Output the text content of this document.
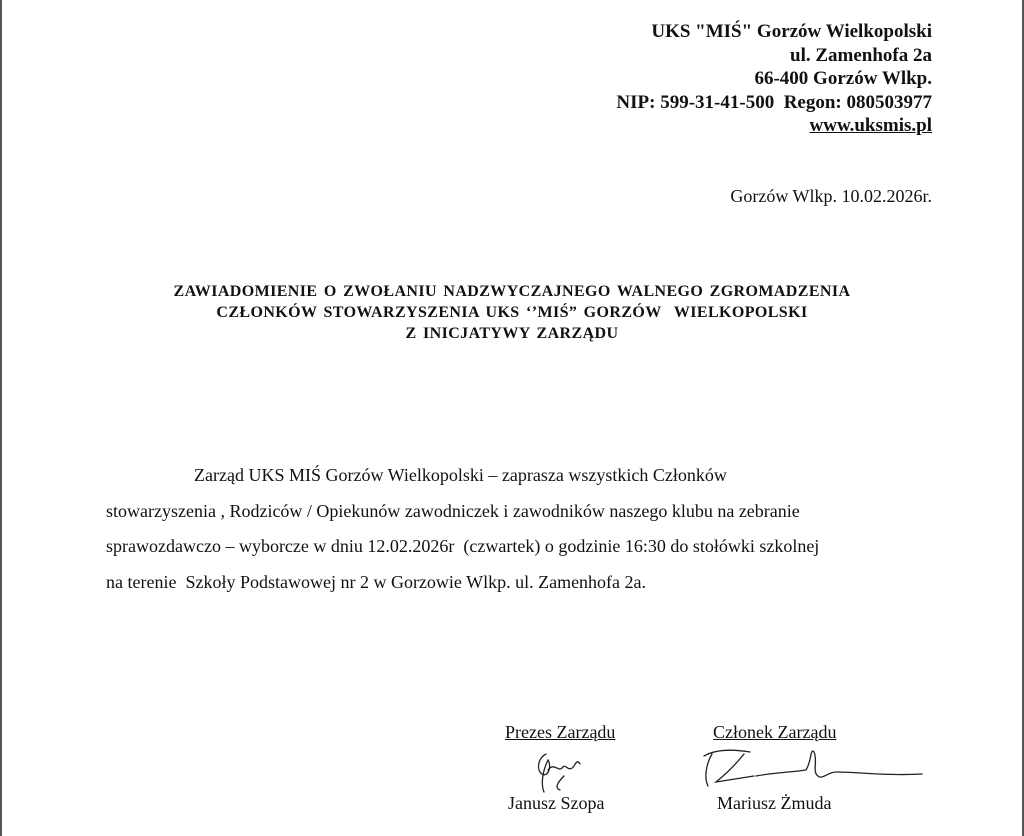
UKS "MIŚ" Gorzów Wielkopolski
ul. Zamenhofa 2a
66-400 Gorzów Wlkp.
NIP: 599-31-41-500  Regon: 080503977
www.uksmis.pl
Gorzów Wlkp. 10.02.2026r.
ZAWIADOMIENIE O ZWOŁANIU NADZWYCZAJNEGO WALNEGO ZGROMADZENIA
CZŁONKÓW STOWARZYSZENIA UKS ‘’MIŚ” GORZÓW  WIELKOPOLSKI
Z INICJATYWY ZARZĄDU
Zarząd UKS MIŚ Gorzów Wielkopolski – zaprasza wszystkich Członków
stowarzyszenia , Rodziców / Opiekunów zawodniczek i zawodników naszego klubu na zebranie
sprawozdawczo – wyborcze w dniu 12.02.2026r  (czwartek) o godzinie 16:30 do stołówki szkolnej
na terenie  Szkoły Podstawowej nr 2 w Gorzowie Wlkp. ul. Zamenhofa 2a.
Prezes Zarządu	Członek Zarządu
Janusz Szopa	Mariusz Żmuda
